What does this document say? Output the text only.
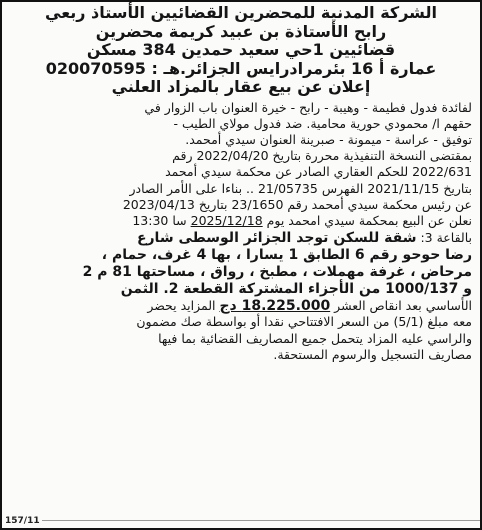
الشركة المدنية للمحضرين القضائيين الأستاذ ربعي
رابح الأستاذة بن عبيد كريمة محضرين
قضائيين 1حي سعيد حمدين 384 مسكن
عمارة أ 16 بئرمرادرايس الجزائر.هـ : 020070595
إعلان عن بيع عقار بالمزاد العلني
لفائدة فدول فطيمة - وهيبة - رابح - خيرة العنوان باب الزوار في
حقهم ا/ محمودي حورية محامية. ضد فدول مولاي الطيب -
توفيق - عراسة - ميمونة - صبرينة العنوان سيدي أمحمد.
بمقتضى النسخة التنفيذية محررة بتاريخ 2022/04/20 رقم
2022/631 للحكم العقاري الصادر عن محكمة سيدي أمحمد
بتاريخ 2021/11/15 الفهرس 21/05735 .. بناءا على الأمر الصادر
عن رئيس محكمة سيدي أمحمد رقم 23/1650 بتاريخ 2023/04/13
نعلن عن البيع بمحكمة سيدي امحمد يوم 2025/12/18 سا 13:30
بالقاعة 3: شقة للسكن توجد الجزائر الوسطى شارع
رضا حوحو رقم 6 الطابق 1 يسارا ، بها 4 غرف، حمام ،
مرحاض ، غرفة مهملات ، مطبخ ، رواق ، مساحتها 81 م 2
و 1000/137 من الأجزاء المشتركة القطعة 2. الثمن
الأساسي بعد انقاص العشر 18.225.000 دج المزايد يحضر
معه مبلغ (5/1) من السعر الافتتاحي نقدا أو بواسطة صك مضمون
والراسي عليه المزاد يتحمل جميع المصاريف القضائية بما فيها
مصاريف التسجيل والرسوم المستحقة.
157/11
